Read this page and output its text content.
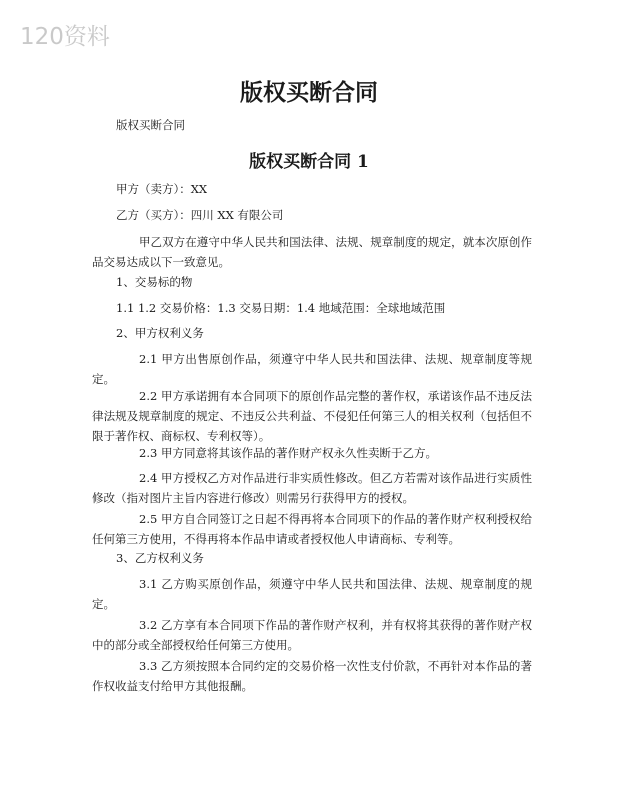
120资料
版权买断合同
版权买断合同
版权买断合同 1
甲方（卖方）：XX
乙方（买方）：四川 XX 有限公司
甲乙双方在遵守中华人民共和国法律、法规、规章制度的规定，就本次原创作品交易达成以下一致意见。
1、交易标的物
1.1 1.2 交易价格：1.3 交易日期：1.4 地域范围：全球地域范围
2、甲方权利义务
2.1 甲方出售原创作品，须遵守中华人民共和国法律、法规、规章制度等规定。
2.2 甲方承诺拥有本合同项下的原创作品完整的著作权，承诺该作品不违反法律法规及规章制度的规定、不违反公共利益、不侵犯任何第三人的相关权利（包括但不限于著作权、商标权、专利权等）。
2.3 甲方同意将其该作品的著作财产权永久性卖断于乙方。
2.4 甲方授权乙方对作品进行非实质性修改。但乙方若需对该作品进行实质性修改（指对图片主旨内容进行修改）则需另行获得甲方的授权。
2.5 甲方自合同签订之日起不得再将本合同项下的作品的著作财产权利授权给任何第三方使用，不得再将本作品申请或者授权他人申请商标、专利等。
3、乙方权利义务
3.1 乙方购买原创作品，须遵守中华人民共和国法律、法规、规章制度的规定。
3.2 乙方享有本合同项下作品的著作财产权利，并有权将其获得的著作财产权中的部分或全部授权给任何第三方使用。
3.3 乙方须按照本合同约定的交易价格一次性支付价款，不再针对本作品的著作权收益支付给甲方其他报酬。
